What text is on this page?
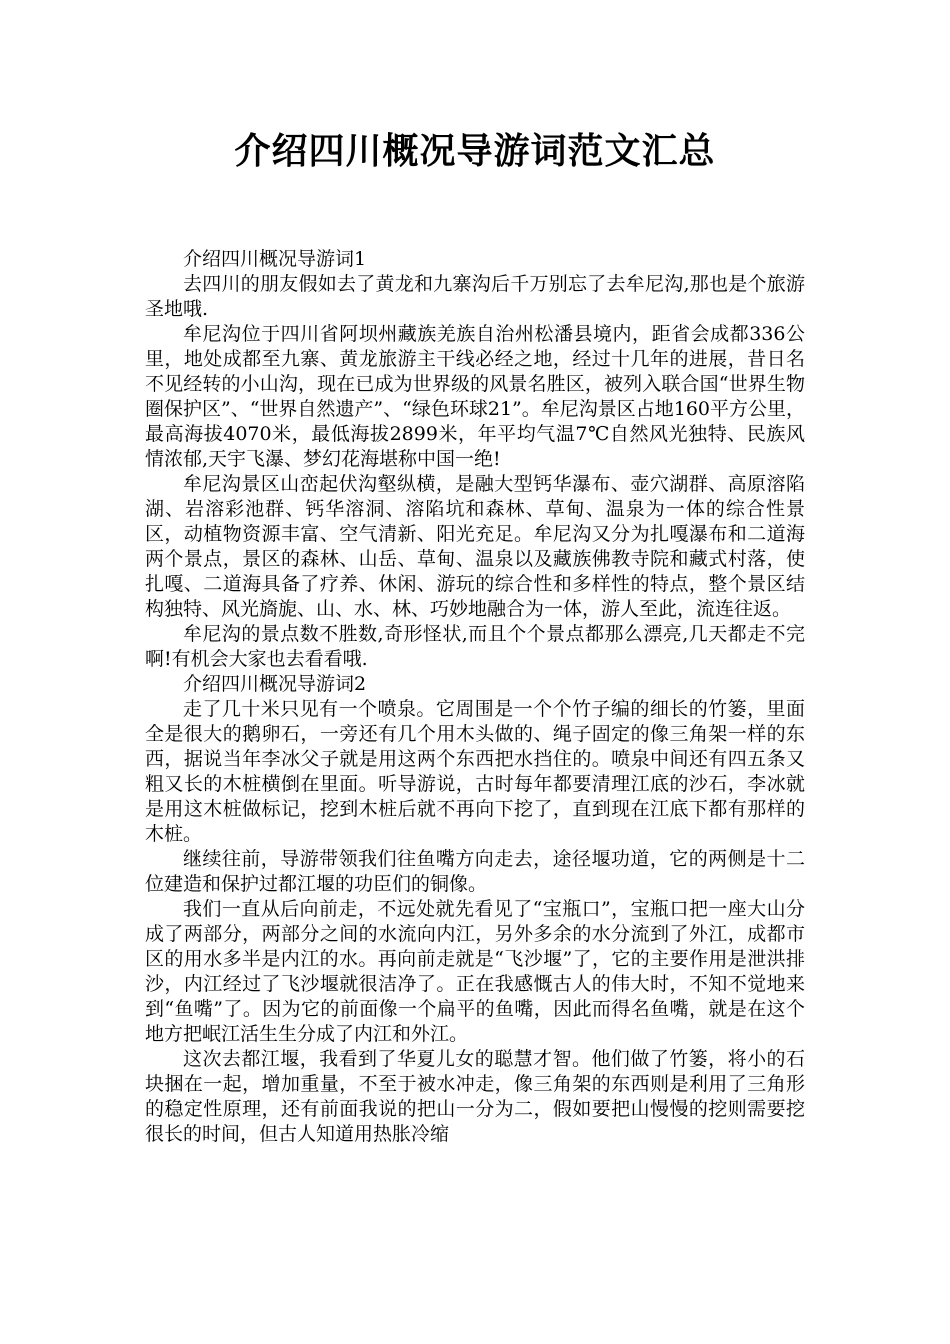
介绍四川概况导游词范文汇总

介绍四川概况导游词1

去四川的朋友假如去了黄龙和九寨沟后千万别忘了去牟尼沟,那也是个旅游圣地哦.

牟尼沟位于四川省阿坝州藏族羌族自治州松潘县境内，距省会成都336公里，地处成都至九寨、黄龙旅游主干线必经之地，经过十几年的进展，昔日名不见经转的小山沟，现在已成为世界级的风景名胜区，被列入联合国“世界生物圈保护区”、“世界自然遗产”、“绿色环球21”。牟尼沟景区占地160平方公里，最高海拔4070米，最低海拔2899米，年平均气温7℃自然风光独特、民族风情浓郁,天宇飞瀑、梦幻花海堪称中国一绝!

牟尼沟景区山峦起伏沟壑纵横，是融大型钙华瀑布、壶穴湖群、高原溶陷湖、岩溶彩池群、钙华溶洞、溶陷坑和森林、草甸、温泉为一体的综合性景区，动植物资源丰富、空气清新、阳光充足。牟尼沟又分为扎嘎瀑布和二道海两个景点，景区的森林、山岳、草甸、温泉以及藏族佛教寺院和藏式村落，使扎嘎、二道海具备了疗养、休闲、游玩的综合性和多样性的特点，整个景区结构独特、风光旖旎、山、水、林、巧妙地融合为一体，游人至此，流连往返。

牟尼沟的景点数不胜数,奇形怪状,而且个个景点都那么漂亮,几天都走不完啊!有机会大家也去看看哦.

介绍四川概况导游词2

走了几十米只见有一个喷泉。它周围是一个个竹子编的细长的竹篓，里面全是很大的鹅卵石，一旁还有几个用木头做的、绳子固定的像三角架一样的东西，据说当年李冰父子就是用这两个东西把水挡住的。喷泉中间还有四五条又粗又长的木桩横倒在里面。听导游说，古时每年都要清理江底的沙石，李冰就是用这木桩做标记，挖到木桩后就不再向下挖了，直到现在江底下都有那样的木桩。

继续往前，导游带领我们往鱼嘴方向走去，途径堰功道，它的两侧是十二位建造和保护过都江堰的功臣们的铜像。

我们一直从后向前走，不远处就先看见了“宝瓶口”，宝瓶口把一座大山分成了两部分，两部分之间的水流向内江，另外多余的水分流到了外江，成都市区的用水多半是内江的水。再向前走就是“飞沙堰”了，它的主要作用是泄洪排沙，内江经过了飞沙堰就很洁净了。正在我感慨古人的伟大时，不知不觉地来到“鱼嘴”了。因为它的前面像一个扁平的鱼嘴，因此而得名鱼嘴，就是在这个地方把岷江活生生分成了内江和外江。

这次去都江堰，我看到了华夏儿女的聪慧才智。他们做了竹篓，将小的石块捆在一起，增加重量，不至于被水冲走，像三角架的东西则是利用了三角形的稳定性原理，还有前面我说的把山一分为二，假如要把山慢慢的挖则需要挖很长的时间，但古人知道用热胀冷缩
